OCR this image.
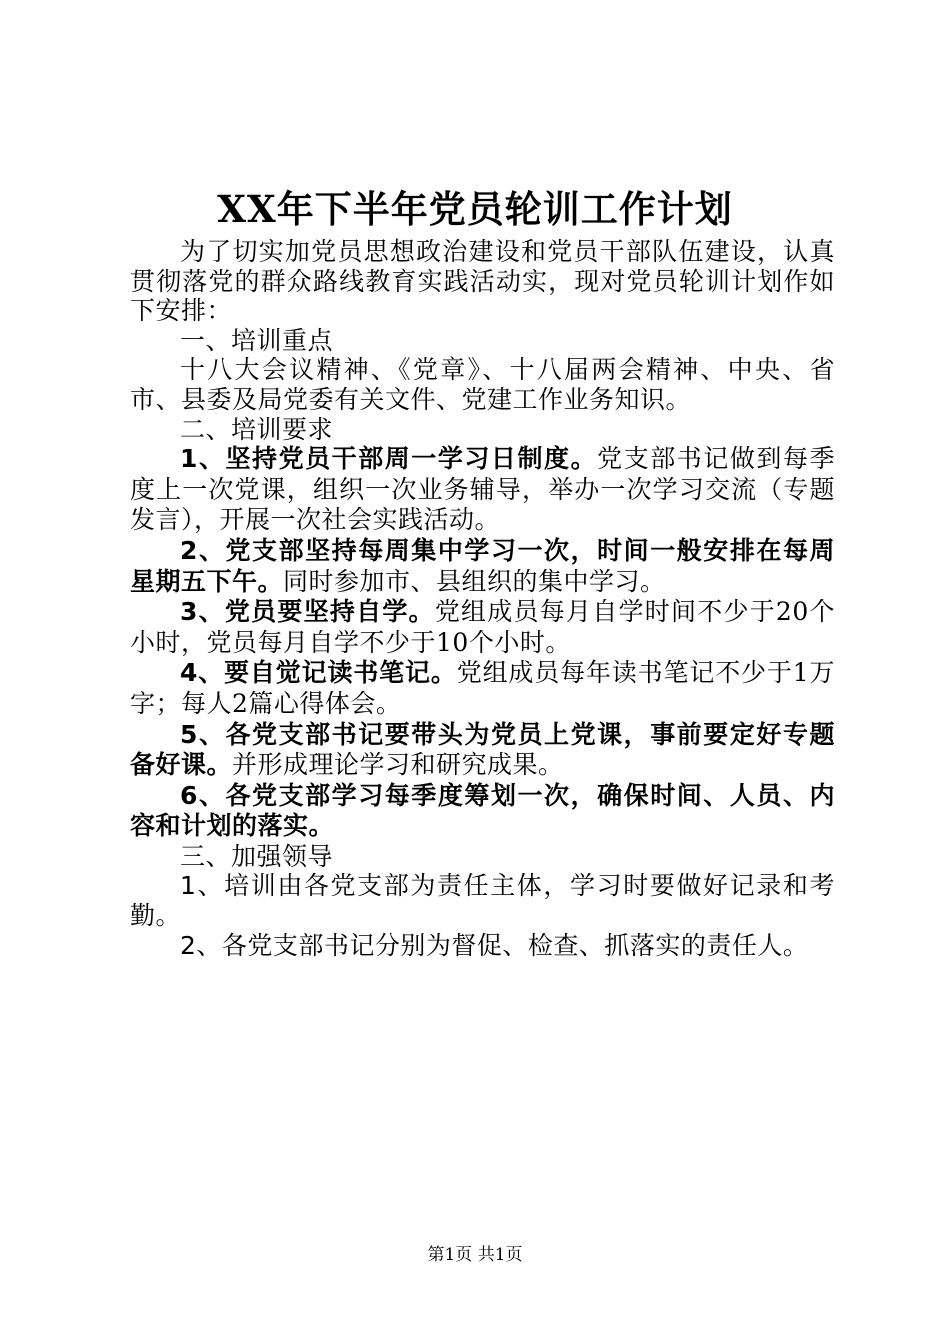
XX年下半年党员轮训工作计划

为了切实加党员思想政治建设和党员干部队伍建设，认真贯彻落党的群众路线教育实践活动实，现对党员轮训计划作如下安排：

一、培训重点

十八大会议精神、《党章》、十八届两会精神、中央、省市、县委及局党委有关文件、党建工作业务知识。

二、培训要求

1、坚持党员干部周一学习日制度。党支部书记做到每季度上一次党课，组织一次业务辅导，举办一次学习交流（专题发言），开展一次社会实践活动。

2、党支部坚持每周集中学习一次，时间一般安排在每周星期五下午。同时参加市、县组织的集中学习。

3、党员要坚持自学。党组成员每月自学时间不少于20个小时，党员每月自学不少于10个小时。

4、要自觉记读书笔记。党组成员每年读书笔记不少于1万字；每人2篇心得体会。

5、各党支部书记要带头为党员上党课，事前要定好专题备好课。并形成理论学习和研究成果。

6、各党支部学习每季度筹划一次，确保时间、人员、内容和计划的落实。

三、加强领导

1、培训由各党支部为责任主体，学习时要做好记录和考勤。

2、各党支部书记分别为督促、检查、抓落实的责任人。

第1页 共1页
